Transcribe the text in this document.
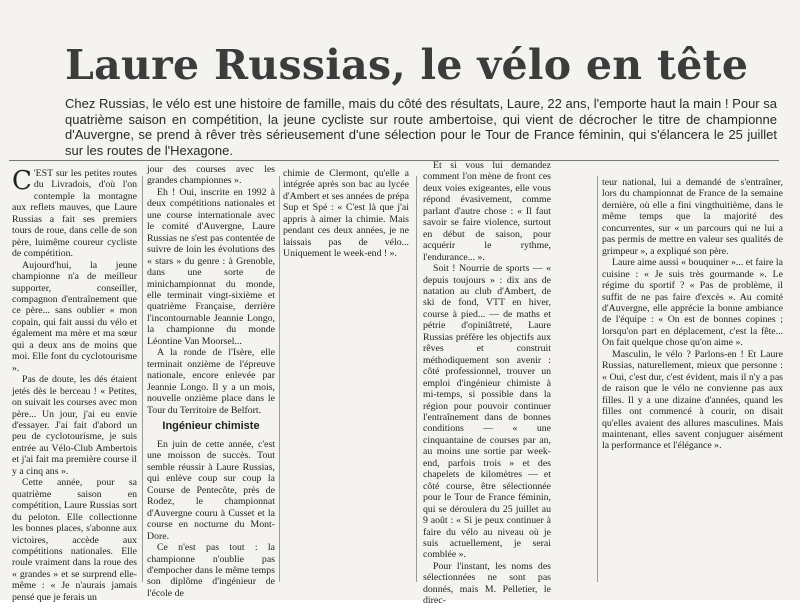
Laure Russias, le vélo en tête

Chez Russias, le vélo est une histoire de famille, mais du côté des résultats, Laure, 22 ans, l'emporte haut la main ! Pour sa quatrième saison en compétition, la jeune cycliste sur route ambertoise, qui vient de décrocher le titre de championne d'Auvergne, se prend à rêver très sérieusement d'une sélection pour le Tour de France féminin, qui s'élancera le 25 juillet sur les routes de l'Hexagone.

C 'EST sur les petites routes du Livradois, d'où l'on contemple la montagne aux reflets mauves, que Laure Russias a fait ses premiers tours de roue, dans celle de son père, luimême coureur cycliste de compétition.

Aujourd'hui, la jeune championne n'a de meilleur supporter, conseiller, compagnon d'entraînement que ce père... sans oublier « mon copain, qui fait aussi du vélo et également ma mère et ma sœur qui a deux ans de moins que moi. Elle font du cyclotourisme ».

Pas de doute, les dés étaient jetés dès le berceau ! « Petites, on suivait les courses avec mon père... Un jour, j'ai eu envie d'essayer. J'ai fait d'abord un peu de cyclotourisme, je suis entrée au Vélo-Club Ambertois et j'ai fait ma première course il y a cinq ans ».

Cette année, pour sa quatrième saison en compétition, Laure Russias sort du peloton. Elle collectionne les bonnes places, s'abonne aux victoires, accède aux compétitions nationales. Elle roule vraiment dans la roue des « grandes » et se surprend elle-même : « Je n'aurais jamais pensé que je ferais un

jour des courses avec les grandes championnes ».

Eh ! Oui, inscrite en 1992 à deux compétitions nationales et une course internationale avec le comité d'Auvergne, Laure Russias ne s'est pas contentée de suivre de loin les évolutions des « stars » du genre : à Grenoble, dans une sorte de minichampionnat du monde, elle terminait vingt-sixième et quatrième Française, derrière l'incontournable Jeannie Longo, la championne du monde Léontine Van Moorsel...

A la ronde de l'Isère, elle terminait onzième de l'épreuve nationale, encore enlevée par Jeannie Longo. Il y a un mois, nouvelle onzième place dans le Tour du Territoire de Belfort.

Ingénieur chimiste

En juin de cette année, c'est une moisson de succès. Tout semble réussir à Laure Russias, qui enlève coup sur coup la Course de Pentecôte, près de Rodez, le championnat d'Auvergne couru à Cusset et la course en nocturne du Mont-Dore.

Ce n'est pas tout : la championne n'oublie pas d'empocher dans le même temps son diplôme d'ingénieur de l'école de

chimie de Clermont, qu'elle a intégrée après son bac au lycée d'Ambert et ses années de prépa Sup et Spé : « C'est là que j'ai appris à aimer la chimie. Mais pendant ces deux années, je ne laissais pas de vélo... Uniquement le week-end ! ».

Et si vous lui demandez comment l'on mène de front ces deux voies exigeantes, elle vous répond évasivement, comme parlant d'autre chose : « Il faut savoir se faire violence, surtout en début de saison, pour acquérir le rythme, l'endurance... ».

Soit ! Nourrie de sports — « depuis toujours » : dix ans de natation au club d'Ambert, de ski de fond, VTT en hiver, course à pied... — de maths et pétrie d'opiniâtreté, Laure Russias préfère les objectifs aux rêves et construit méthodiquement son avenir : côté professionnel, trouver un emploi d'ingénieur chimiste à mi-temps, si possible dans la région pour pouvoir continuer l'entraînement dans de bonnes conditions — « une cinquantaine de courses par an, au moins une sortie par week-end, parfois trois » et des chapelets de kilomètres — et côté course, être sélectionnée pour le Tour de France féminin, qui se déroulera du 25 juillet au 9 août : « Si je peux continuer à faire du vélo au niveau où je suis actuellement, je serai comblée ».

Pour l'instant, les noms des sélectionnées ne sont pas donnés, mais M. Pelletier, le direc-

teur national, lui a demandé de s'entraîner, lors du championnat de France de la semaine dernière, où elle a fini vingthuitième, dans le même temps que la majorité des concurrentes, sur « un parcours qui ne lui a pas permis de mettre en valeur ses qualités de grimpeur », a expliqué son père.

Laure aime aussi « bouquiner »... et faire la cuisine : « Je suis très gourmande ». Le régime du sportif ? « Pas de problème, il suffit de ne pas faire d'excès ». Au comité d'Auvergne, elle apprécie la bonne ambiance de l'équipe : « On est de bonnes copines ; lorsqu'on part en déplacement, c'est la fête... On fait quelque chose qu'on aime ».

Masculin, le vélo ? Parlons-en ! Et Laure Russias, naturellement, mieux que personne : « Oui, c'est dur, c'est évident, mais il n'y a pas de raison que le vélo ne convienne pas aux filles. Il y a une dizaine d'années, quand les filles ont commencé à courir, on disait qu'elles avaient des allures masculines. Mais maintenant, elles savent conjuguer aisément la performance et l'élégance ».
